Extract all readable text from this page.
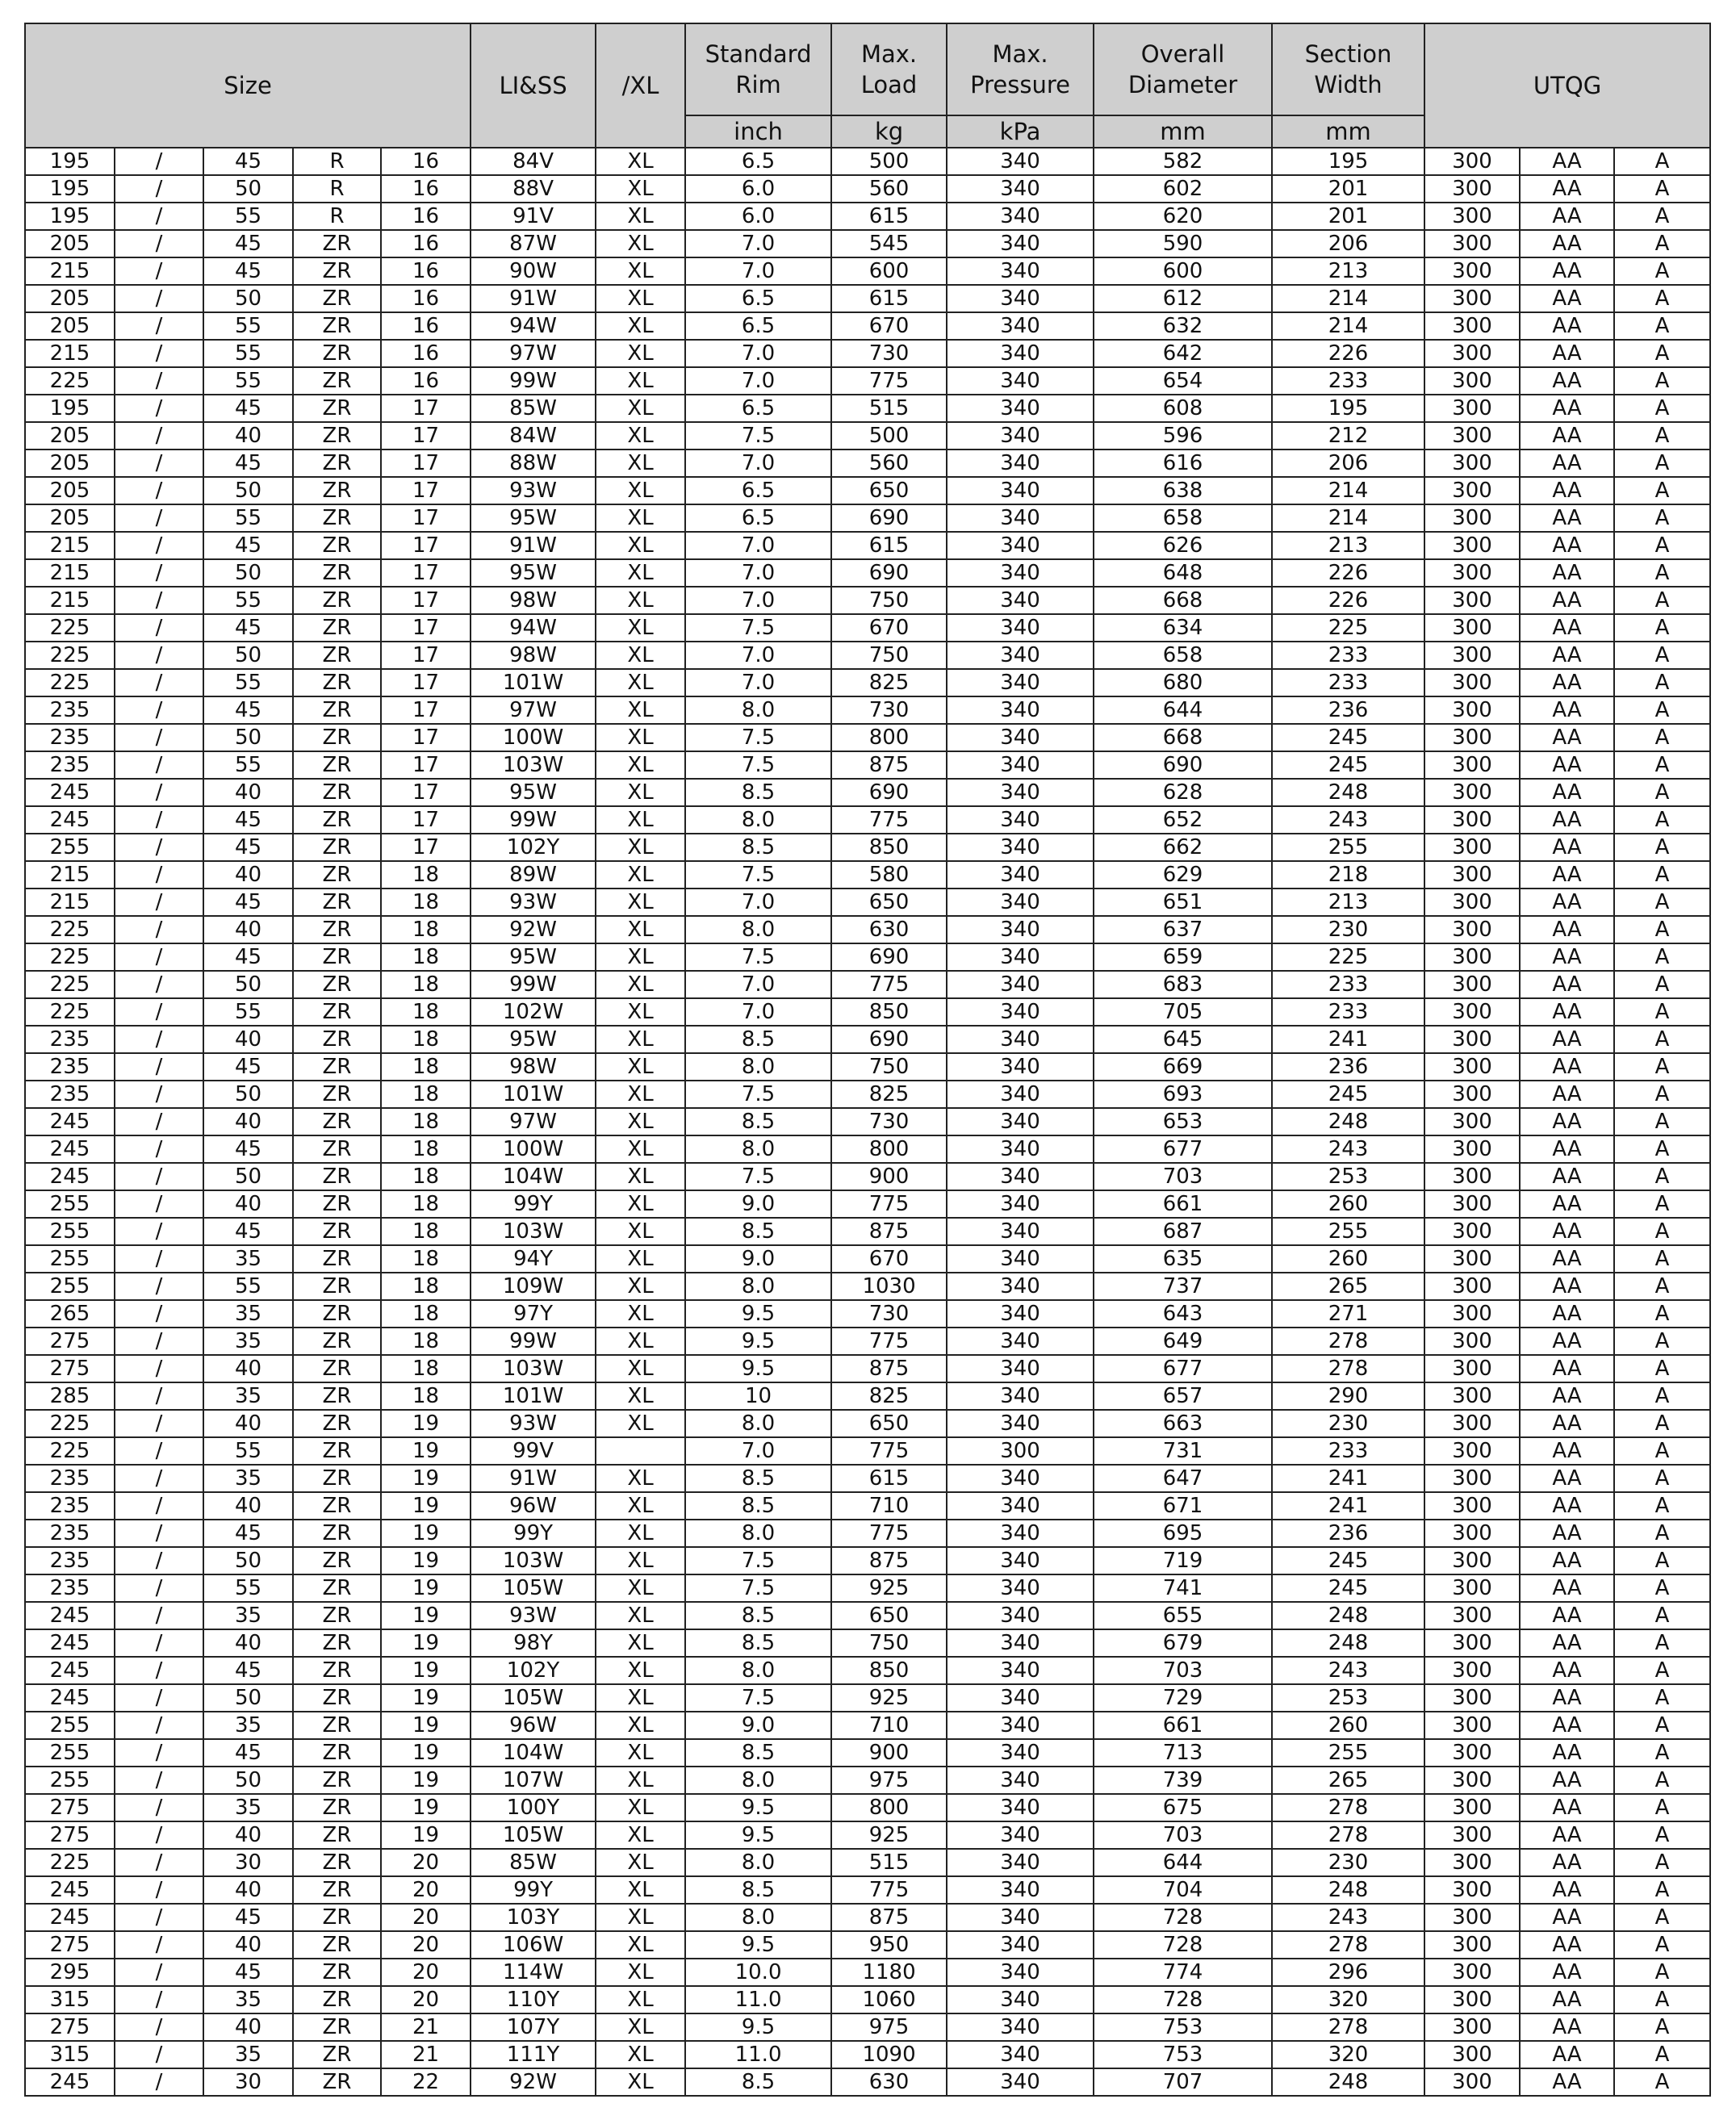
Size					LI&SS	/XL	Standard Rim	Max. Load	Max. Pressure	Overall Diameter	Section Width	UTQG		
							inch	kg	kPa	mm	mm			
195	/	45	R	16	84V	XL	6.5	500	340	582	195	300	AA	A
195	/	50	R	16	88V	XL	6.0	560	340	602	201	300	AA	A
195	/	55	R	16	91V	XL	6.0	615	340	620	201	300	AA	A
205	/	45	ZR	16	87W	XL	7.0	545	340	590	206	300	AA	A
215	/	45	ZR	16	90W	XL	7.0	600	340	600	213	300	AA	A
205	/	50	ZR	16	91W	XL	6.5	615	340	612	214	300	AA	A
205	/	55	ZR	16	94W	XL	6.5	670	340	632	214	300	AA	A
215	/	55	ZR	16	97W	XL	7.0	730	340	642	226	300	AA	A
225	/	55	ZR	16	99W	XL	7.0	775	340	654	233	300	AA	A
195	/	45	ZR	17	85W	XL	6.5	515	340	608	195	300	AA	A
205	/	40	ZR	17	84W	XL	7.5	500	340	596	212	300	AA	A
205	/	45	ZR	17	88W	XL	7.0	560	340	616	206	300	AA	A
205	/	50	ZR	17	93W	XL	6.5	650	340	638	214	300	AA	A
205	/	55	ZR	17	95W	XL	6.5	690	340	658	214	300	AA	A
215	/	45	ZR	17	91W	XL	7.0	615	340	626	213	300	AA	A
215	/	50	ZR	17	95W	XL	7.0	690	340	648	226	300	AA	A
215	/	55	ZR	17	98W	XL	7.0	750	340	668	226	300	AA	A
225	/	45	ZR	17	94W	XL	7.5	670	340	634	225	300	AA	A
225	/	50	ZR	17	98W	XL	7.0	750	340	658	233	300	AA	A
225	/	55	ZR	17	101W	XL	7.0	825	340	680	233	300	AA	A
235	/	45	ZR	17	97W	XL	8.0	730	340	644	236	300	AA	A
235	/	50	ZR	17	100W	XL	7.5	800	340	668	245	300	AA	A
235	/	55	ZR	17	103W	XL	7.5	875	340	690	245	300	AA	A
245	/	40	ZR	17	95W	XL	8.5	690	340	628	248	300	AA	A
245	/	45	ZR	17	99W	XL	8.0	775	340	652	243	300	AA	A
255	/	45	ZR	17	102Y	XL	8.5	850	340	662	255	300	AA	A
215	/	40	ZR	18	89W	XL	7.5	580	340	629	218	300	AA	A
215	/	45	ZR	18	93W	XL	7.0	650	340	651	213	300	AA	A
225	/	40	ZR	18	92W	XL	8.0	630	340	637	230	300	AA	A
225	/	45	ZR	18	95W	XL	7.5	690	340	659	225	300	AA	A
225	/	50	ZR	18	99W	XL	7.0	775	340	683	233	300	AA	A
225	/	55	ZR	18	102W	XL	7.0	850	340	705	233	300	AA	A
235	/	40	ZR	18	95W	XL	8.5	690	340	645	241	300	AA	A
235	/	45	ZR	18	98W	XL	8.0	750	340	669	236	300	AA	A
235	/	50	ZR	18	101W	XL	7.5	825	340	693	245	300	AA	A
245	/	40	ZR	18	97W	XL	8.5	730	340	653	248	300	AA	A
245	/	45	ZR	18	100W	XL	8.0	800	340	677	243	300	AA	A
245	/	50	ZR	18	104W	XL	7.5	900	340	703	253	300	AA	A
255	/	40	ZR	18	99Y	XL	9.0	775	340	661	260	300	AA	A
255	/	45	ZR	18	103W	XL	8.5	875	340	687	255	300	AA	A
255	/	35	ZR	18	94Y	XL	9.0	670	340	635	260	300	AA	A
255	/	55	ZR	18	109W	XL	8.0	1030	340	737	265	300	AA	A
265	/	35	ZR	18	97Y	XL	9.5	730	340	643	271	300	AA	A
275	/	35	ZR	18	99W	XL	9.5	775	340	649	278	300	AA	A
275	/	40	ZR	18	103W	XL	9.5	875	340	677	278	300	AA	A
285	/	35	ZR	18	101W	XL	10	825	340	657	290	300	AA	A
225	/	40	ZR	19	93W	XL	8.0	650	340	663	230	300	AA	A
225	/	55	ZR	19	99V		7.0	775	300	731	233	300	AA	A
235	/	35	ZR	19	91W	XL	8.5	615	340	647	241	300	AA	A
235	/	40	ZR	19	96W	XL	8.5	710	340	671	241	300	AA	A
235	/	45	ZR	19	99Y	XL	8.0	775	340	695	236	300	AA	A
235	/	50	ZR	19	103W	XL	7.5	875	340	719	245	300	AA	A
235	/	55	ZR	19	105W	XL	7.5	925	340	741	245	300	AA	A
245	/	35	ZR	19	93W	XL	8.5	650	340	655	248	300	AA	A
245	/	40	ZR	19	98Y	XL	8.5	750	340	679	248	300	AA	A
245	/	45	ZR	19	102Y	XL	8.0	850	340	703	243	300	AA	A
245	/	50	ZR	19	105W	XL	7.5	925	340	729	253	300	AA	A
255	/	35	ZR	19	96W	XL	9.0	710	340	661	260	300	AA	A
255	/	45	ZR	19	104W	XL	8.5	900	340	713	255	300	AA	A
255	/	50	ZR	19	107W	XL	8.0	975	340	739	265	300	AA	A
275	/	35	ZR	19	100Y	XL	9.5	800	340	675	278	300	AA	A
275	/	40	ZR	19	105W	XL	9.5	925	340	703	278	300	AA	A
225	/	30	ZR	20	85W	XL	8.0	515	340	644	230	300	AA	A
245	/	40	ZR	20	99Y	XL	8.5	775	340	704	248	300	AA	A
245	/	45	ZR	20	103Y	XL	8.0	875	340	728	243	300	AA	A
275	/	40	ZR	20	106W	XL	9.5	950	340	728	278	300	AA	A
295	/	45	ZR	20	114W	XL	10.0	1180	340	774	296	300	AA	A
315	/	35	ZR	20	110Y	XL	11.0	1060	340	728	320	300	AA	A
275	/	40	ZR	21	107Y	XL	9.5	975	340	753	278	300	AA	A
315	/	35	ZR	21	111Y	XL	11.0	1090	340	753	320	300	AA	A
245	/	30	ZR	22	92W	XL	8.5	630	340	707	248	300	AA	A
